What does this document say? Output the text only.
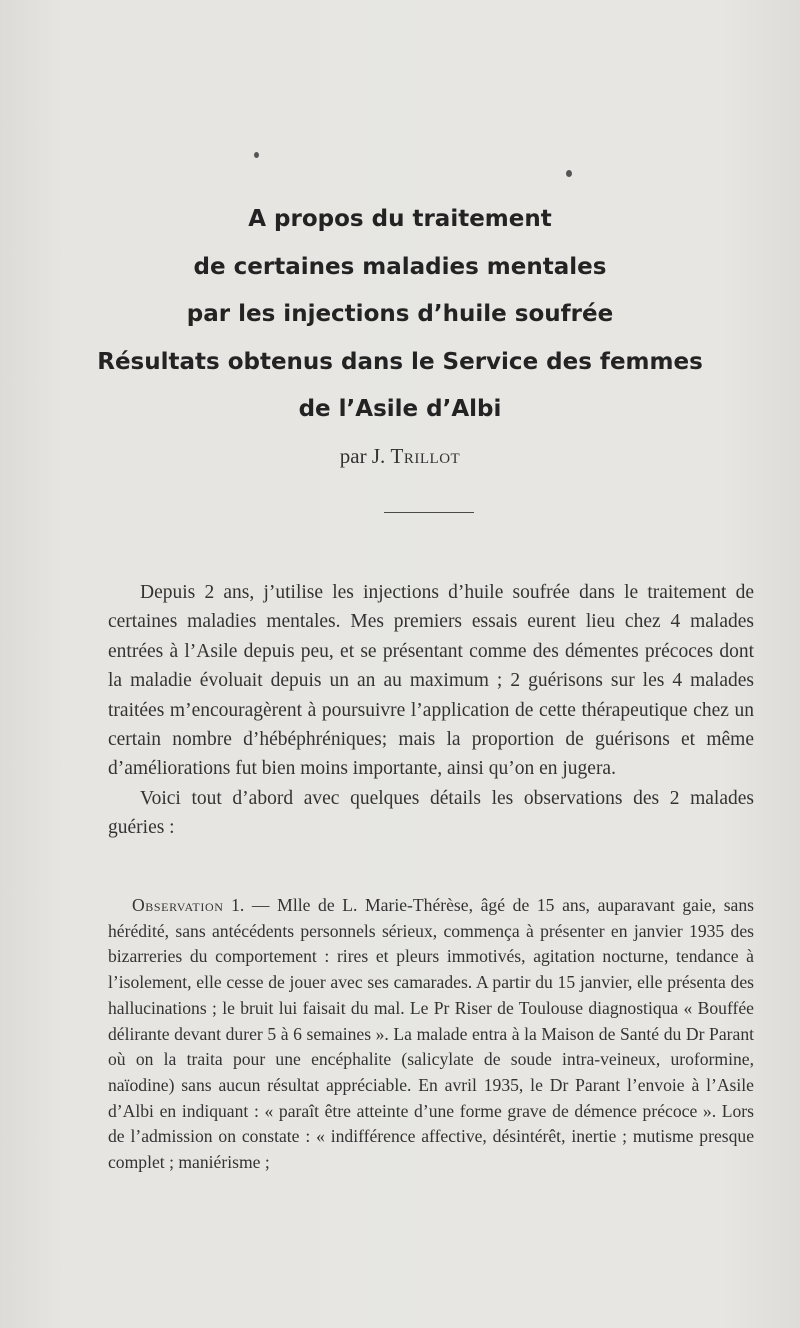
A propos du traitement
de certaines maladies mentales
par les injections d’huile soufrée
Résultats obtenus dans le Service des femmes
de l’Asile d’Albi
par J. Trillot

Depuis 2 ans, j’utilise les injections d’huile soufrée dans le traitement de certaines maladies mentales. Mes premiers essais eurent lieu chez 4 malades entrées à l’Asile depuis peu, et se présentant comme des démentes précoces dont la maladie évoluait depuis un an au maximum ; 2 guérisons sur les 4 malades traitées m’encouragèrent à poursuivre l’application de cette thérapeutique chez un certain nombre d’hébéphréniques; mais la proportion de guérisons et même d’améliorations fut bien moins importante, ainsi qu’on en jugera.

Voici tout d’abord avec quelques détails les observations des 2 malades guéries :

Observation 1. — Mlle de L. Marie-Thérèse, âgé de 15 ans, auparavant gaie, sans hérédité, sans antécédents personnels sérieux, commença à présenter en janvier 1935 des bizarreries du comportement : rires et pleurs immotivés, agitation nocturne, tendance à l’isolement, elle cesse de jouer avec ses camarades. A partir du 15 janvier, elle présenta des hallucinations ; le bruit lui faisait du mal. Le Pr Riser de Toulouse diagnostiqua « Bouffée délirante devant durer 5 à 6 semaines ». La malade entra à la Maison de Santé du Dr Parant où on la traita pour une encéphalite (salicylate de soude intra-veineux, uroformine, naïodine) sans aucun résultat appréciable. En avril 1935, le Dr Parant l’envoie à l’Asile d’Albi en indiquant : « paraît être atteinte d’une forme grave de démence précoce ». Lors de l’admission on constate : « indifférence affective, désintérêt, inertie ; mutisme presque complet ; maniérisme ;
